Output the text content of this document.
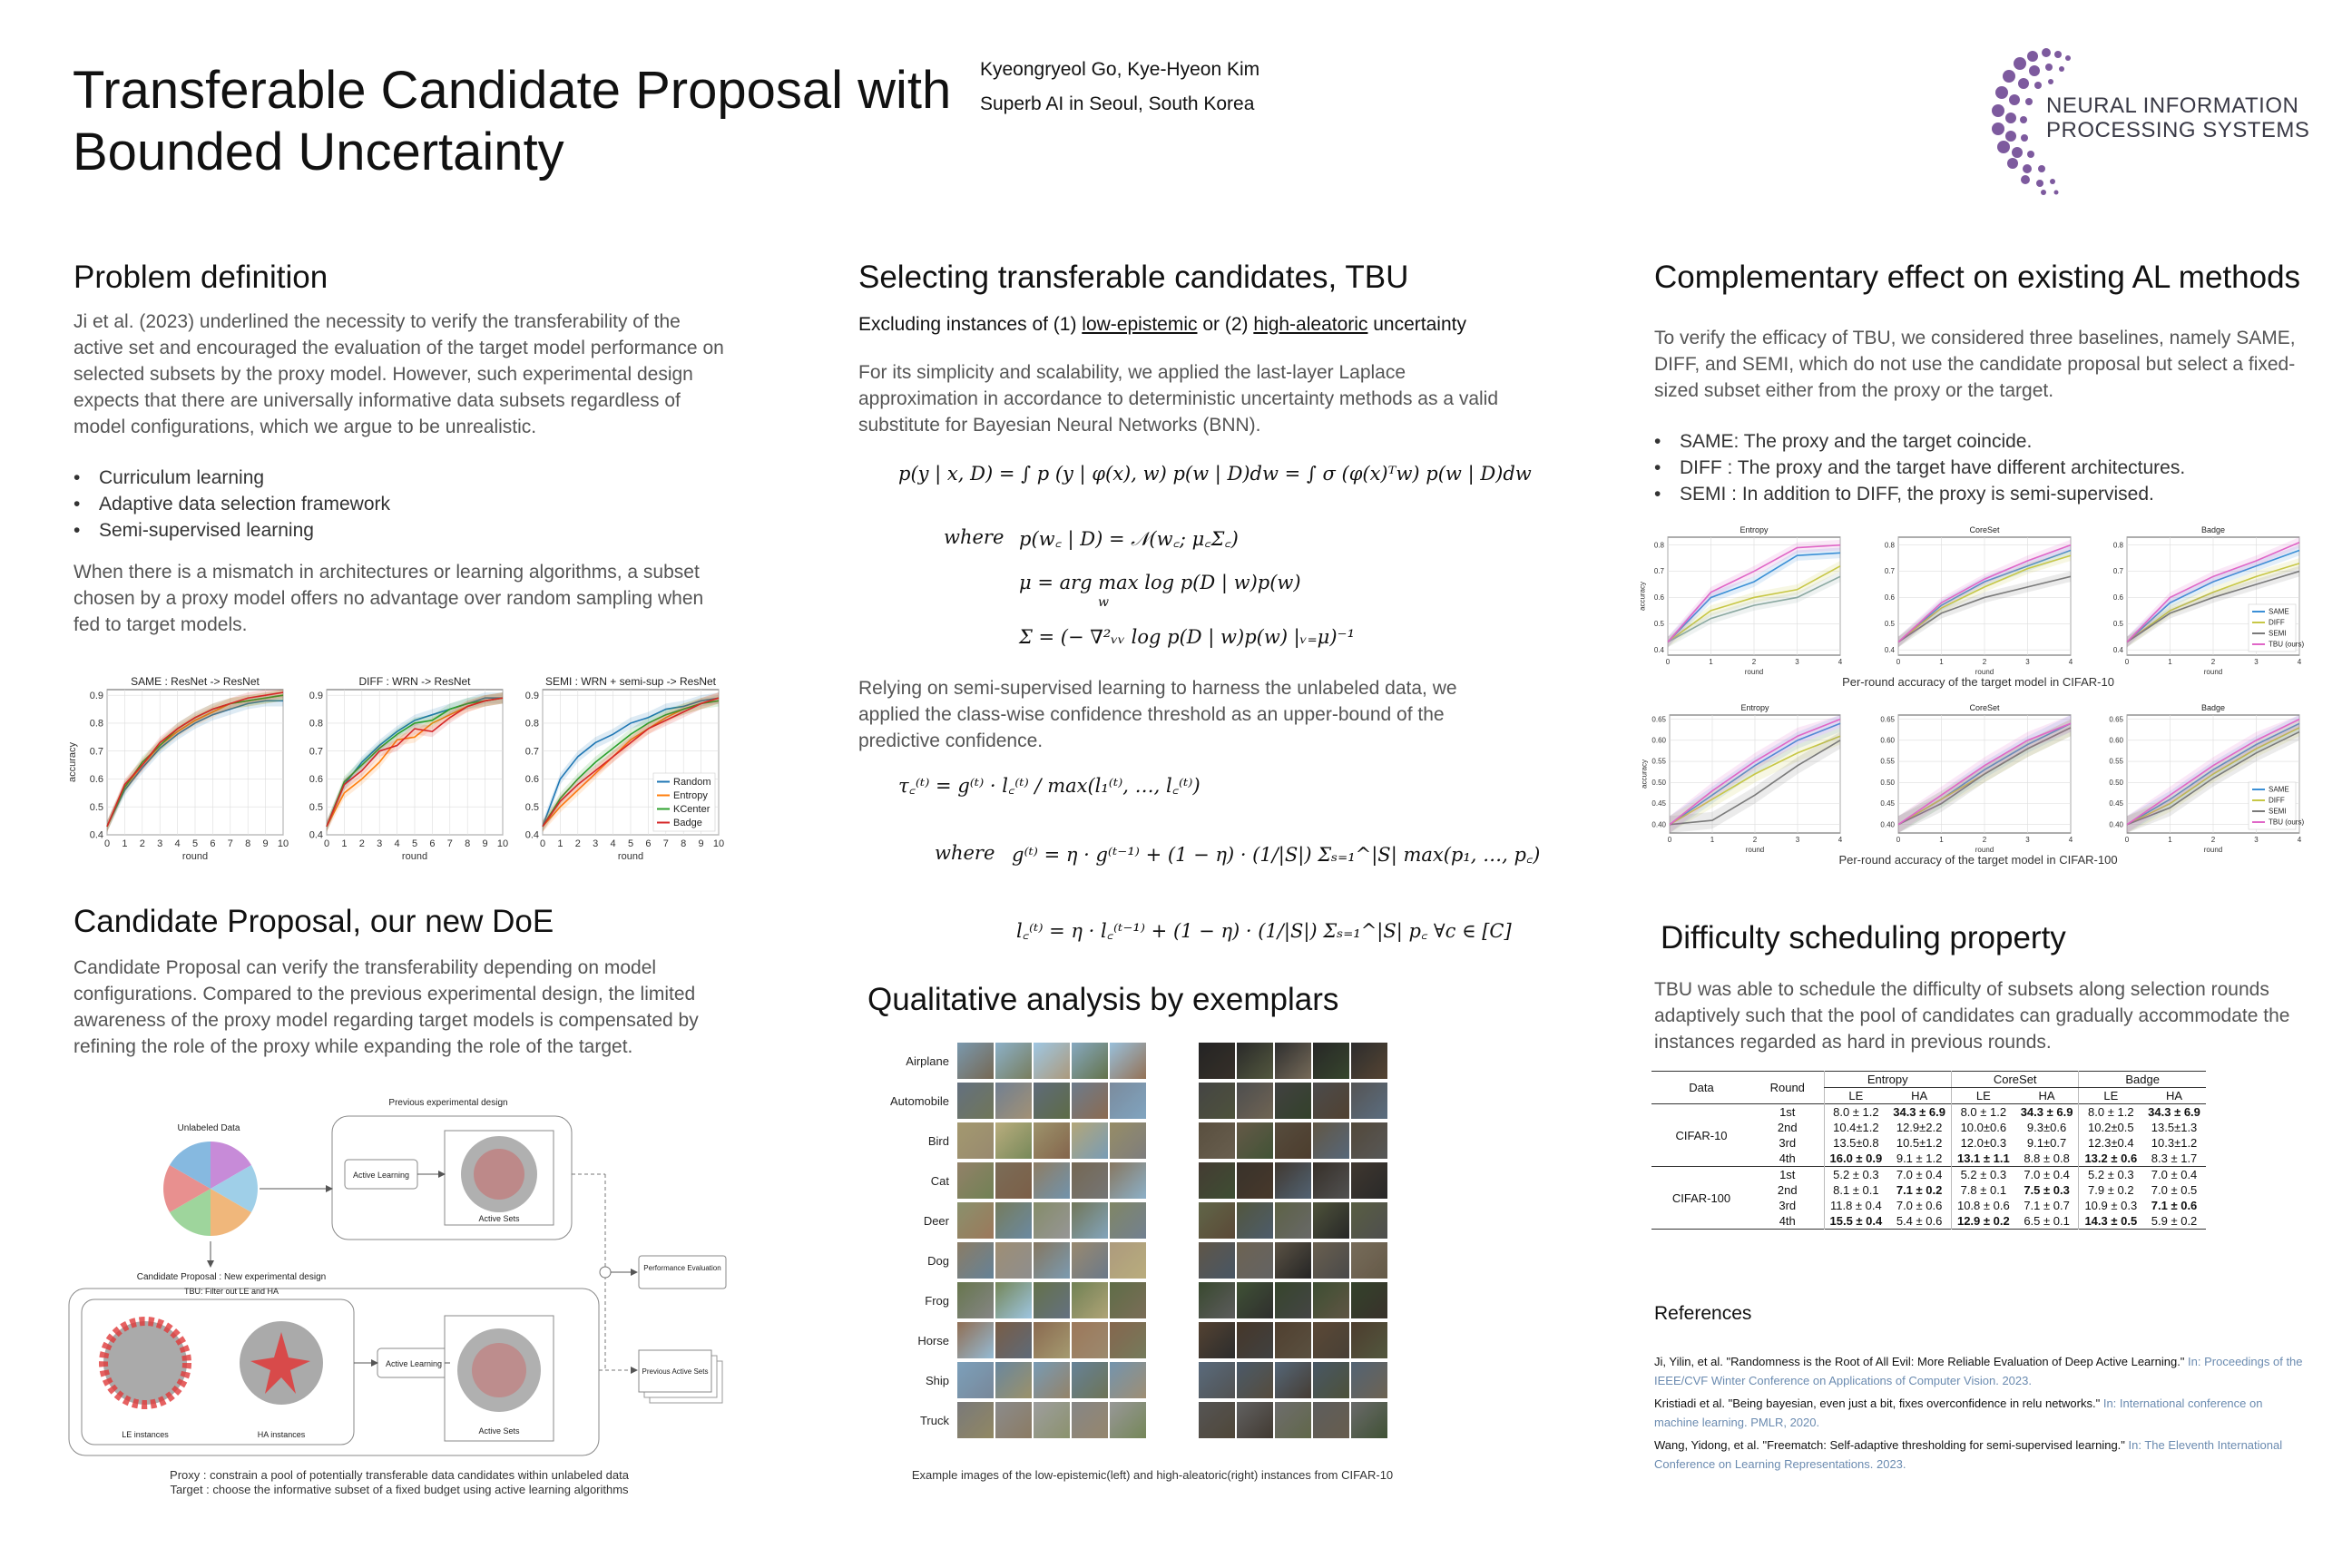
Transferable Candidate Proposal with
Bounded Uncertainty
Kyeongryeol Go, Kye-Hyeon Kim
Superb AI in Seoul, South Korea	NEURAL INFORMATION
PROCESSING SYSTEMS
Problem definition
Ji et al. (2023) underlined the necessity to verify the transferability of the active set and encouraged the evaluation of the target model performance on selected subsets by the proxy model. However, such experimental design expects that there are universally informative data subsets regardless of model configurations, which we argue to be unrealistic.
• Curriculum learning
• Adaptive data selection framework
• Semi-supervised learning
When there is a mismatch in architectures or learning algorithms, a subset chosen by a proxy model offers no advantage over random sampling when fed to target models.
SAME : ResNet -> ResNet
0.4
0.5
0.6
0.7
0.8
0.9
0 1 2 3 4 5 6 7 8 9 10
round
accuracy
DIFF : WRN -> ResNet
0.4
0.5
0.6
0.7
0.8
0.9
0 1 2 3 4 5 6 7 8 9 10
round
SEMI : WRN + semi-sup -> ResNet
0.4
0.5
0.6
0.7
0.8
0.9
0 1 2 3 4 5 6 7 8 9 10
round
Random
Entropy
KCenter
Badge
Candidate Proposal, our new DoE
Candidate Proposal can verify the transferability depending on model configurations. Compared to the previous experimental design, the limited awareness of the proxy model regarding target models is compensated by refining the role of the proxy while expanding the role of the target.
Unlabeled Data
Previous experimental design
Active Learning
Active Sets
Candidate Proposal : New experimental design
TBU: Filter out LE and HA
LE instances	HA instances
Active Learning
Active Sets
Performance Evaluation
Previous Active Sets
Proxy : constrain a pool of potentially transferable data candidates within unlabeled data
Target : choose the informative subset of a fixed budget using active learning algorithms
Selecting transferable candidates, TBU
Excluding instances of (1) low-epistemic or (2) high-aleatoric uncertainty
For its simplicity and scalability, we applied the last-layer Laplace approximation in accordance to deterministic uncertainty methods as a valid substitute for Bayesian Neural Networks (BNN).
p(y | x, D) = ∫ p (y | φ(x), w) p(w | D)dw = ∫ σ (φ(x)ᵀw) p(w | D)dw
where p(w꜀ | D) = 𝒩(w꜀; μ꜀Σ꜀)
μ = arg max log p(D | w)p(w)
w
Σ = (− ∇²ᵥᵥ log p(D | w)p(w) |ᵥ₌μ)⁻¹
Relying on semi-supervised learning to harness the unlabeled data, we applied the class-wise confidence threshold as an upper-bound of the predictive confidence.
τ꜀⁽ᵗ⁾ = g⁽ᵗ⁾ · l꜀⁽ᵗ⁾ / max(l₁⁽ᵗ⁾, …, l꜀⁽ᵗ⁾)
where g⁽ᵗ⁾ = η · g⁽ᵗ⁻¹⁾ + (1 − η) · (1/|S|) Σₛ₌₁^|S| max(p₁, …, p꜀)
l꜀⁽ᵗ⁾ = η · l꜀⁽ᵗ⁻¹⁾ + (1 − η) · (1/|S|) Σₛ₌₁^|S| p꜀ ∀c ∈ [C]
Qualitative analysis by exemplars
Airplane
Automobile
Bird
Cat
Deer
Dog
Frog
Horse
Ship
Truck
Example images of the low-epistemic(left) and high-aleatoric(right) instances from CIFAR-10
Complementary effect on existing AL methods
To verify the efficacy of TBU, we considered three baselines, namely SAME, DIFF, and SEMI, which do not use the candidate proposal but select a fixed-sized subset either from the proxy or the target.
• SAME: The proxy and the target coincide.
• DIFF : The proxy and the target have different architectures.
• SEMI : In addition to DIFF, the proxy is semi-supervised.
Entropy
0.4
0.5
0.6
0.7
0.8
0	1	2	3	4
round
accuracy
CoreSet
0.4
0.5
0.6
0.7
0.8
0	1	2	3	4
round
Badge
0.4
0.5
0.6
0.7
0.8
0	1	2	3	4
round
SAME
DIFF
SEMI
TBU (ours)
Per-round accuracy of the target model in CIFAR-10
Entropy
0.40
0.45
0.50
0.55
0.60
0.65
0	1	2	3	4
round
accuracy
CoreSet
0.40
0.45
0.50
0.55
0.60
0.65
0	1	2	3	4
round
Badge
0.40
0.45
0.50
0.55
0.60
0.65
0	1	2	3	4
round
SAME
DIFF
SEMI
TBU (ours)
Per-round accuracy of the target model in CIFAR-100
Difficulty scheduling property
TBU was able to schedule the difficulty of subsets along selection rounds adaptively such that the pool of candidates can gradually accommodate the instances regarded as hard in previous rounds.
Data	Round	Entropy		CoreSet		Badge	
		LE	HA	LE	HA	LE	HA
CIFAR-10	1st	8.0 ± 1.2	34.3 ± 6.9	8.0 ± 1.2	34.3 ± 6.9	8.0 ± 1.2	34.3 ± 6.9
	2nd	10.4±1.2	12.9±2.2	10.0±0.6	9.3±0.6	10.2±0.5	13.5±1.3
	3rd	13.5±0.8	10.5±1.2	12.0±0.3	9.1±0.7	12.3±0.4	10.3±1.2
	4th	16.0 ± 0.9	9.1 ± 1.2	13.1 ± 1.1	8.8 ± 0.8	13.2 ± 0.6	8.3 ± 1.7
CIFAR-100	1st	5.2 ± 0.3	7.0 ± 0.4	5.2 ± 0.3	7.0 ± 0.4	5.2 ± 0.3	7.0 ± 0.4
	2nd	8.1 ± 0.1	7.1 ± 0.2	7.8 ± 0.1	7.5 ± 0.3	7.9 ± 0.2	7.0 ± 0.5
	3rd	11.8 ± 0.4	7.0 ± 0.6	10.8 ± 0.6	7.1 ± 0.7	10.9 ± 0.3	7.1 ± 0.6
	4th	15.5 ± 0.4	5.4 ± 0.6	12.9 ± 0.2	6.5 ± 0.1	14.3 ± 0.5	5.9 ± 0.2
References
Ji, Yilin, et al. "Randomness is the Root of All Evil: More Reliable Evaluation of Deep Active Learning." In: Proceedings of the IEEE/CVF Winter Conference on Applications of Computer Vision. 2023.
Kristiadi et al. "Being bayesian, even just a bit, fixes overconfidence in relu networks." In: International conference on machine learning. PMLR, 2020.
Wang, Yidong, et al. "Freematch: Self-adaptive thresholding for semi-supervised learning." In: The Eleventh International Conference on Learning Representations. 2023.
